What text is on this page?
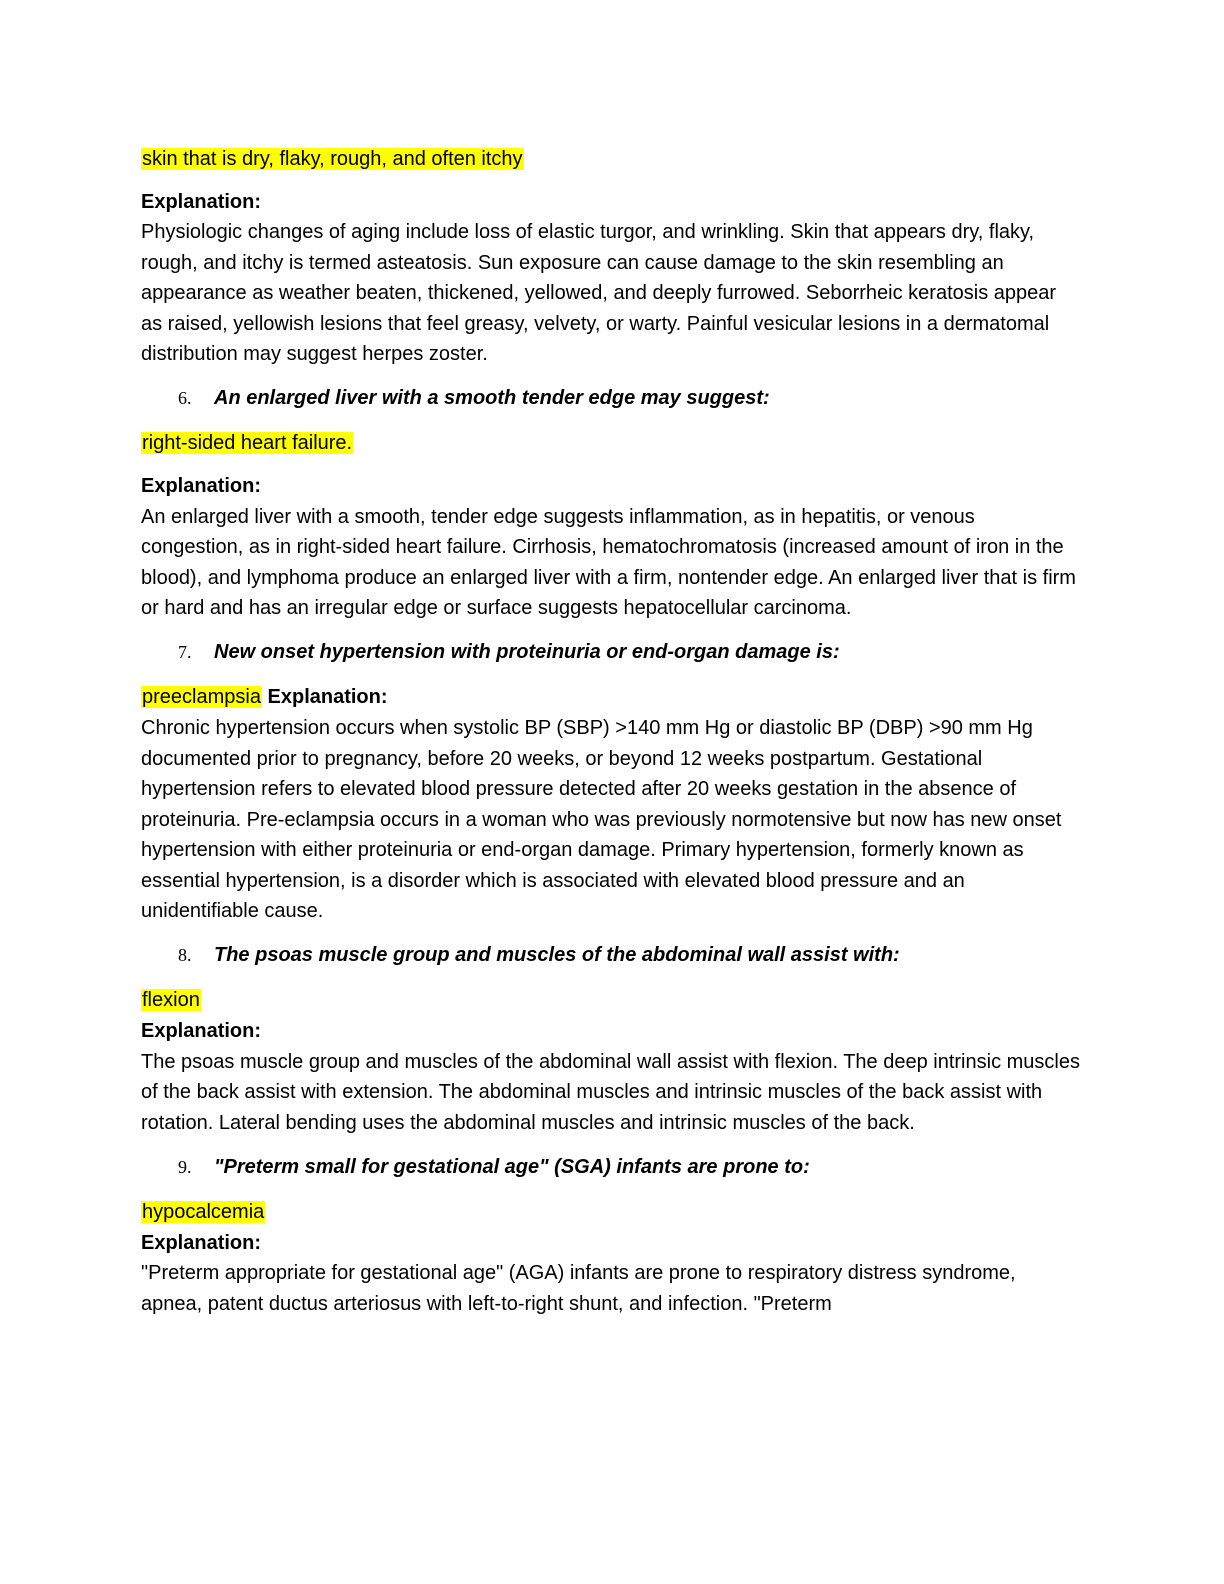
skin that is dry, flaky, rough, and often itchy

Explanation:

Physiologic changes of aging include loss of elastic turgor, and wrinkling. Skin that appears dry, flaky, rough, and itchy is termed asteatosis. Sun exposure can cause damage to the skin resembling an appearance as weather beaten, thickened, yellowed, and deeply furrowed. Seborrheic keratosis appear as raised, yellowish lesions that feel greasy, velvety, or warty. Painful vesicular lesions in a dermatomal distribution may suggest herpes zoster.

6. An enlarged liver with a smooth tender edge may suggest:

right-sided heart failure.

Explanation:

An enlarged liver with a smooth, tender edge suggests inflammation, as in hepatitis, or venous congestion, as in right-sided heart failure. Cirrhosis, hematochromatosis (increased amount of iron in the blood), and lymphoma produce an enlarged liver with a firm, nontender edge. An enlarged liver that is firm or hard and has an irregular edge or surface suggests hepatocellular carcinoma.

7. New onset hypertension with proteinuria or end-organ damage is:

preeclampsia Explanation:

Chronic hypertension occurs when systolic BP (SBP) >140 mm Hg or diastolic BP (DBP) >90 mm Hg documented prior to pregnancy, before 20 weeks, or beyond 12 weeks postpartum. Gestational hypertension refers to elevated blood pressure detected after 20 weeks gestation in the absence of proteinuria. Pre-eclampsia occurs in a woman who was previously normotensive but now has new onset hypertension with either proteinuria or end-organ damage. Primary hypertension, formerly known as essential hypertension, is a disorder which is associated with elevated blood pressure and an unidentifiable cause.

8. The psoas muscle group and muscles of the abdominal wall assist with:

flexion

Explanation:

The psoas muscle group and muscles of the abdominal wall assist with flexion. The deep intrinsic muscles of the back assist with extension. The abdominal muscles and intrinsic muscles of the back assist with rotation. Lateral bending uses the abdominal muscles and intrinsic muscles of the back.

9. "Preterm small for gestational age" (SGA) infants are prone to:

hypocalcemia

Explanation:

"Preterm appropriate for gestational age" (AGA) infants are prone to respiratory distress syndrome, apnea, patent ductus arteriosus with left-to-right shunt, and infection. "Preterm
